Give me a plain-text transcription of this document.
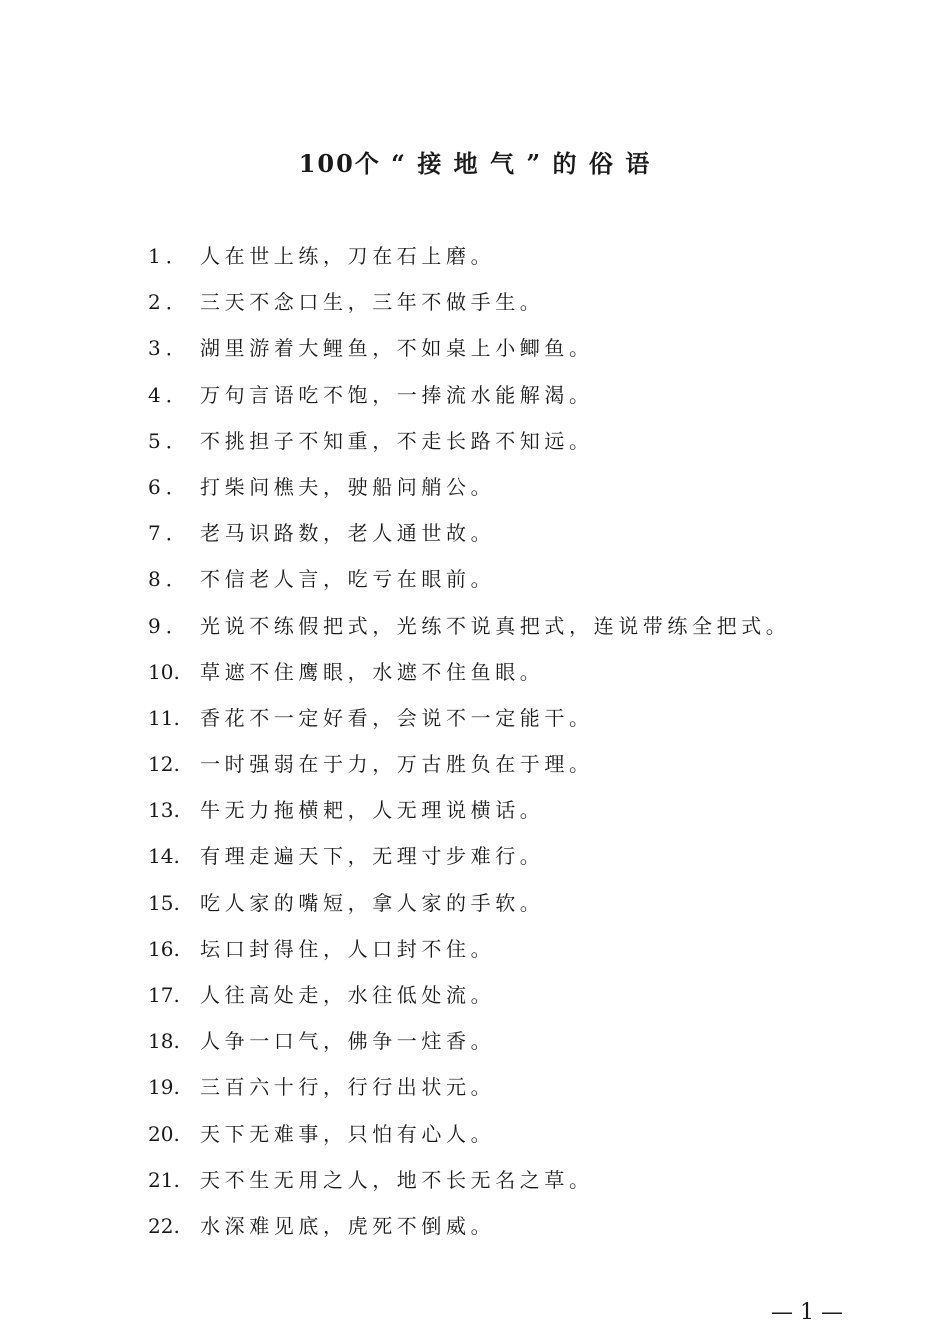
100个 “ 接 地 气 ” 的 俗 语
1． 人在世上练，刀在石上磨。
2． 三天不念口生，三年不做手生。
3． 湖里游着大鲤鱼，不如桌上小鲫鱼。
4． 万句言语吃不饱，一捧流水能解渴。
5． 不挑担子不知重，不走长路不知远。
6． 打柴问樵夫，驶船问艄公。
7． 老马识路数，老人通世故。
8． 不信老人言，吃亏在眼前。
9． 光说不练假把式，光练不说真把式，连说带练全把式。
10. 草遮不住鹰眼，水遮不住鱼眼。
11. 香花不一定好看，会说不一定能干。
12. 一时强弱在于力，万古胜负在于理。
13. 牛无力拖横耙，人无理说横话。
14. 有理走遍天下，无理寸步难行。
15. 吃人家的嘴短，拿人家的手软。
16. 坛口封得住，人口封不住。
17. 人往高处走，水往低处流。
18. 人争一口气，佛争一炷香。
19. 三百六十行，行行出状元。
20. 天下无难事，只怕有心人。
21. 天不生无用之人，地不长无名之草。
22. 水深难见底，虎死不倒威。
— 1 —
